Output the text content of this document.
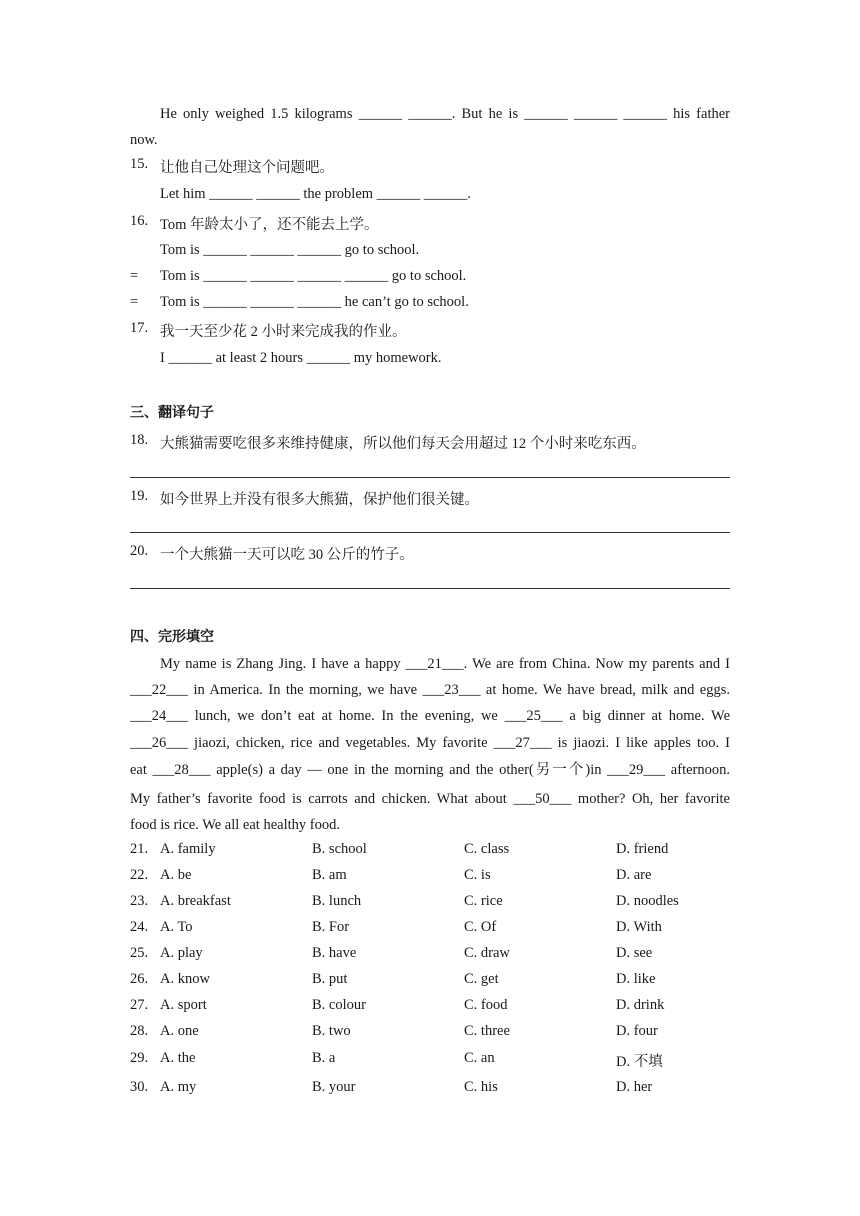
He only weighed 1.5 kilograms ______ ______. But he is ______ ______ ______ his father
now.
15. 让他自己处理这个问题吧。
Let him ______ ______ the problem ______ ______.
16. Tom 年龄太小了，还不能去上学。
Tom is ______ ______ ______ go to school.
= Tom is ______ ______ ______ ______ go to school.
= Tom is ______ ______ ______ he can’t go to school.
17. 我一天至少花 2 小时来完成我的作业。
I ______ at least 2 hours ______ my homework.
三、翻译句子
18. 大熊猫需要吃很多来维持健康，所以他们每天会用超过 12 个小时来吃东西。
19. 如今世界上并没有很多大熊猫，保护他们很关键。
20. 一个大熊猫一天可以吃 30 公斤的竹子。
四、完形填空
My name is Zhang Jing. I have a happy ___21___. We are from China. Now my parents and I
___22___ in America. In the morning, we have ___23___ at home. We have bread, milk and eggs.
___24___ lunch, we don’t eat at home. In the evening, we ___25___ a big dinner at home. We
___26___ jiaozi, chicken, rice and vegetables. My favorite ___27___ is jiaozi. I like apples too. I
eat ___28___ apple(s) a day — one in the morning and the other(另一个)in ___29___ afternoon.
My father’s favorite food is carrots and chicken. What about ___50___ mother? Oh, her favorite
food is rice. We all eat healthy food.
21. A. family	B. school	C. class	D. friend
22. A. be	B. am	C. is	D. are
23. A. breakfast	B. lunch	C. rice	D. noodles
24. A. To	B. For	C. Of	D. With
25. A. play	B. have	C. draw	D. see
26. A. know	B. put	C. get	D. like
27. A. sport	B. colour	C. food	D. drink
28. A. one	B. two	C. three	D. four
29. A. the	B. a	C. an	D. 不填
30. A. my	B. your	C. his	D. her
